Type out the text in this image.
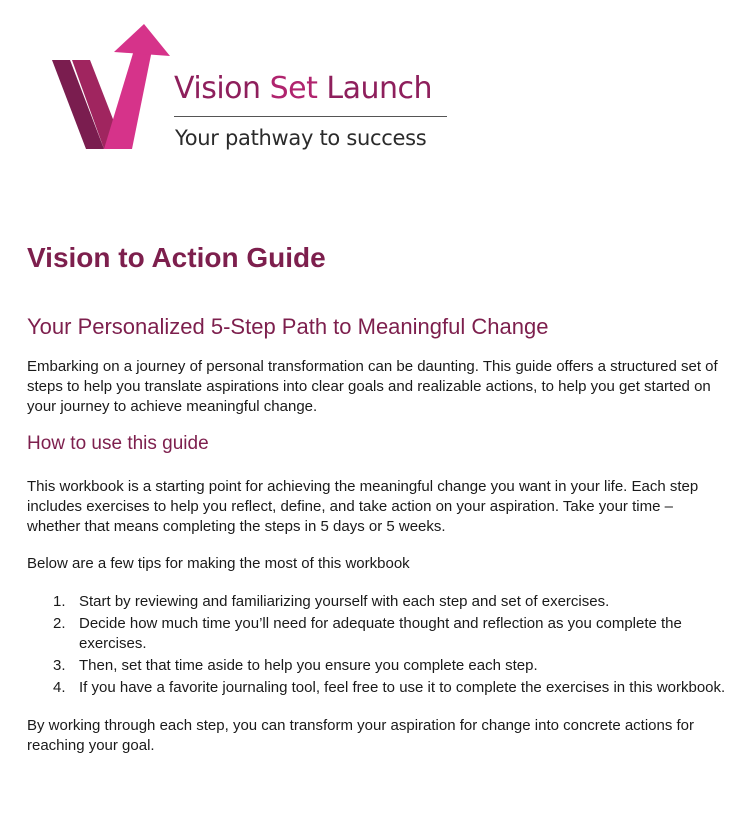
Vision Set Launch
Your pathway to success
Vision to Action Guide
Your Personalized 5-Step Path to Meaningful Change

Embarking on a journey of personal transformation can be daunting. This guide offers a structured set of steps to help you translate aspirations into clear goals and realizable actions, to help you get started on your journey to achieve meaningful change.

How to use this guide

This workbook is a starting point for achieving the meaningful change you want in your life. Each step includes exercises to help you reflect, define, and take action on your aspiration. Take your time – whether that means completing the steps in 5 days or 5 weeks.

Below are a few tips for making the most of this workbook

1. Start by reviewing and familiarizing yourself with each step and set of exercises.
2. Decide how much time you’ll need for adequate thought and reflection as you complete the exercises.
3. Then, set that time aside to help you ensure you complete each step.
4. If you have a favorite journaling tool, feel free to use it to complete the exercises in this workbook.

By working through each step, you can transform your aspiration for change into concrete actions for reaching your goal.
